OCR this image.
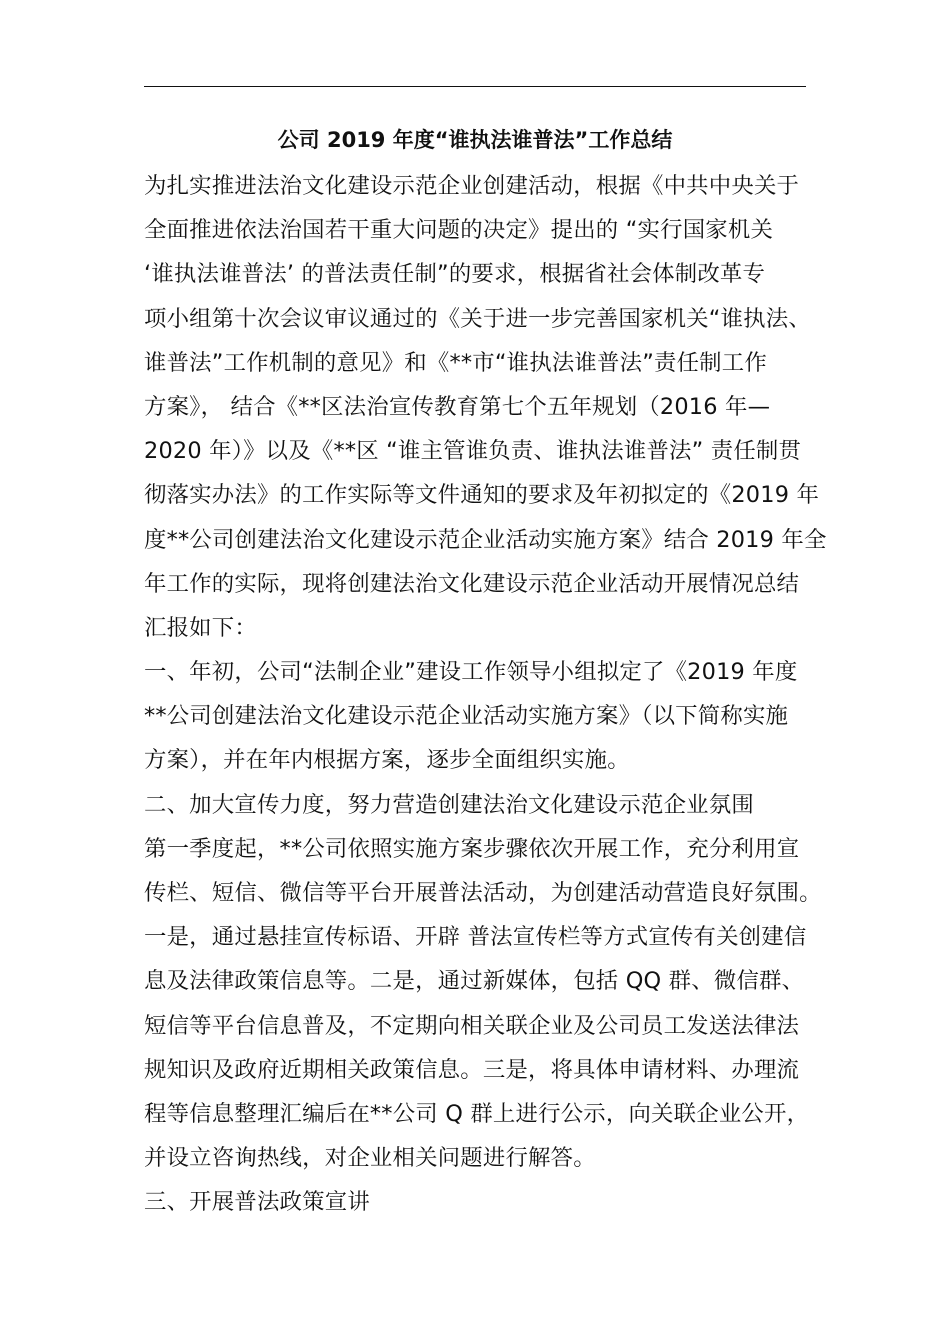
公司 2019 年度“谁执法谁普法”工作总结
为扎实推进法治文化建设示范企业创建活动，根据《中共中央关于
全面推进依法治国若干重大问题的决定》提出的 “实行国家机关
‘谁执法谁普法’ 的普法责任制”的要求，根据省社会体制改革专
项小组第十次会议审议通过的《关于进一步完善国家机关“谁执法、
谁普法”工作机制的意见》和《**市“谁执法谁普法”责任制工作
方案》， 结合《**区法治宣传教育第七个五年规划（2016 年—
2020 年）》以及《**区 “谁主管谁负责、谁执法谁普法” 责任制贯
彻落实办法》的工作实际等文件通知的要求及年初拟定的《2019 年
度**公司创建法治文化建设示范企业活动实施方案》结合 2019 年全
年工作的实际，现将创建法治文化建设示范企业活动开展情况总结
汇报如下：
一、年初，公司“法制企业”建设工作领导小组拟定了《2019 年度
**公司创建法治文化建设示范企业活动实施方案》（以下简称实施
方案），并在年内根据方案，逐步全面组织实施。
二、加大宣传力度，努力营造创建法治文化建设示范企业氛围
第一季度起，**公司依照实施方案步骤依次开展工作，充分利用宣
传栏、短信、微信等平台开展普法活动，为创建活动营造良好氛围。
一是，通过悬挂宣传标语、开辟 普法宣传栏等方式宣传有关创建信
息及法律政策信息等。二是，通过新媒体，包括 QQ 群、微信群、
短信等平台信息普及，不定期向相关联企业及公司员工发送法律法
规知识及政府近期相关政策信息。三是，将具体申请材料、办理流
程等信息整理汇编后在**公司 Q 群上进行公示，向关联企业公开，
并设立咨询热线，对企业相关问题进行解答。
三、开展普法政策宣讲
